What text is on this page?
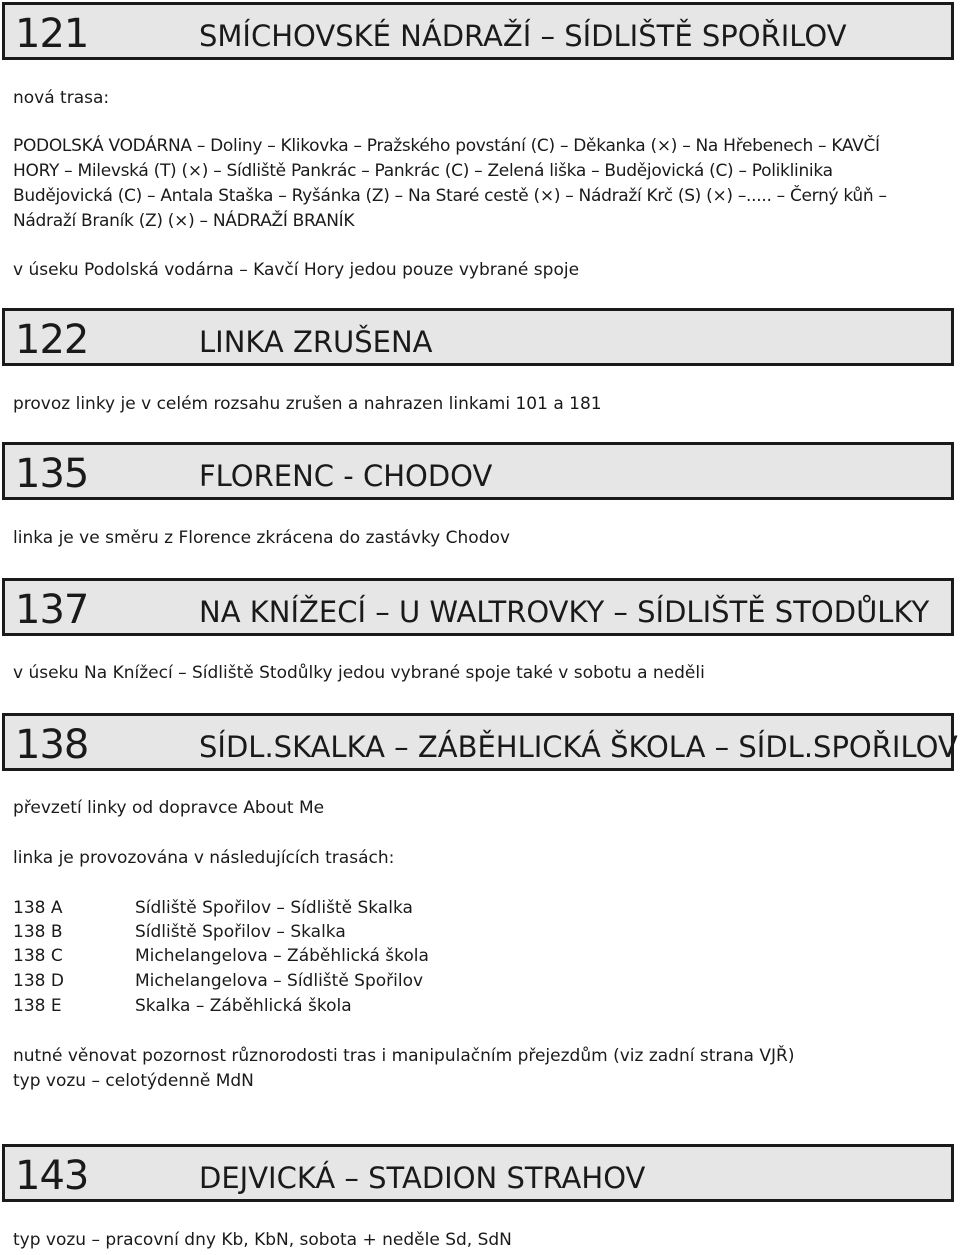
121	SMÍCHOVSKÉ NÁDRAŽÍ – SÍDLIŠTĚ SPOŘILOV
nová trasa:
PODOLSKÁ VODÁRNA – Doliny – Klikovka – Pražského povstání (C) – Děkanka (×) – Na Hřebenech – KAVČÍ
HORY – Milevská (T) (×) – Sídliště Pankrác – Pankrác (C) – Zelená liška – Budějovická (C) – Poliklinika
Budějovická (C) – Antala Staška – Ryšánka (Z) – Na Staré cestě (×) – Nádraží Krč (S) (×) –..... – Černý kůň –
Nádraží Braník (Z) (×) – NÁDRAŽÍ BRANÍK
v úseku Podolská vodárna – Kavčí Hory jedou pouze vybrané spoje
122	LINKA ZRUŠENA
provoz linky je v celém rozsahu zrušen a nahrazen linkami 101 a 181
135	FLORENC - CHODOV
linka je ve směru z Florence zkrácena do zastávky Chodov
137	NA KNÍŽECÍ – U WALTROVKY – SÍDLIŠTĚ STODŮLKY
v úseku Na Knížecí – Sídliště Stodůlky jedou vybrané spoje také v sobotu a neděli
138	SÍDL.SKALKA – ZÁBĚHLICKÁ ŠKOLA – SÍDL.SPOŘILOV
převzetí linky od dopravce About Me
linka je provozována v následujících trasách:
138 A	Sídliště Spořilov – Sídliště Skalka
138 B	Sídliště Spořilov – Skalka
138 C	Michelangelova – Záběhlická škola
138 D	Michelangelova – Sídliště Spořilov
138 E	Skalka – Záběhlická škola
nutné věnovat pozornost různorodosti tras i manipulačním přejezdům (viz zadní strana VJŘ)
typ vozu – celotýdenně MdN
143	DEJVICKÁ – STADION STRAHOV
typ vozu – pracovní dny Kb, KbN, sobota + neděle Sd, SdN
